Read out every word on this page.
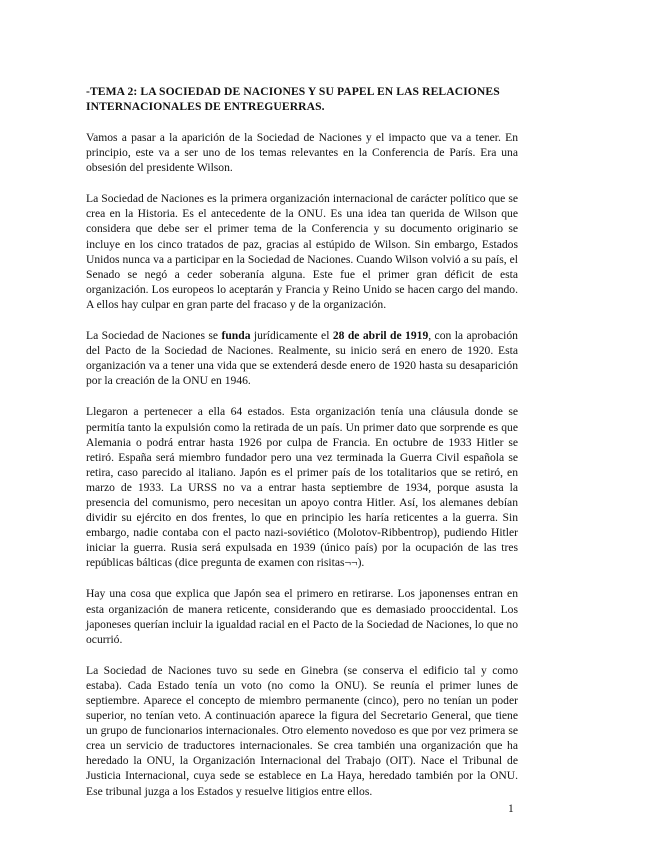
-TEMA 2: LA SOCIEDAD DE NACIONES Y SU PAPEL EN LAS RELACIONES INTERNACIONALES DE ENTREGUERRAS.

Vamos a pasar a la aparición de la Sociedad de Naciones y el impacto que va a tener. En principio, este va a ser uno de los temas relevantes en la Conferencia de París. Era una obsesión del presidente Wilson.

La Sociedad de Naciones es la primera organización internacional de carácter político que se crea en la Historia. Es el antecedente de la ONU. Es una idea tan querida de Wilson que considera que debe ser el primer tema de la Conferencia y su documento originario se incluye en los cinco tratados de paz, gracias al estúpido de Wilson. Sin embargo, Estados Unidos nunca va a participar en la Sociedad de Naciones. Cuando Wilson volvió a su país, el Senado se negó a ceder soberanía alguna. Este fue el primer gran déficit de esta organización. Los europeos lo aceptarán y Francia y Reino Unido se hacen cargo del mando. A ellos hay culpar en gran parte del fracaso y de la organización.

La Sociedad de Naciones se funda jurídicamente el 28 de abril de 1919, con la aprobación del Pacto de la Sociedad de Naciones. Realmente, su inicio será en enero de 1920. Esta organización va a tener una vida que se extenderá desde enero de 1920 hasta su desaparición por la creación de la ONU en 1946.

Llegaron a pertenecer a ella 64 estados. Esta organización tenía una cláusula donde se permitía tanto la expulsión como la retirada de un país. Un primer dato que sorprende es que Alemania o podrá entrar hasta 1926 por culpa de Francia. En octubre de 1933 Hitler se retiró. España será miembro fundador pero una vez terminada la Guerra Civil española se retira, caso parecido al italiano. Japón es el primer país de los totalitarios que se retiró, en marzo de 1933. La URSS no va a entrar hasta septiembre de 1934, porque asusta la presencia del comunismo, pero necesitan un apoyo contra Hitler. Así, los alemanes debían dividir su ejército en dos frentes, lo que en principio les haría reticentes a la guerra. Sin embargo, nadie contaba con el pacto nazi-soviético (Molotov-Ribbentrop), pudiendo Hitler iniciar la guerra. Rusia será expulsada en 1939 (único país) por la ocupación de las tres repúblicas bálticas (dice pregunta de examen con risitas¬¬).

Hay una cosa que explica que Japón sea el primero en retirarse. Los japonenses entran en esta organización de manera reticente, considerando que es demasiado prooccidental. Los japoneses querían incluir la igualdad racial en el Pacto de la Sociedad de Naciones, lo que no ocurrió.

La Sociedad de Naciones tuvo su sede en Ginebra (se conserva el edificio tal y como estaba). Cada Estado tenía un voto (no como la ONU). Se reunía el primer lunes de septiembre. Aparece el concepto de miembro permanente (cinco), pero no tenían un poder superior, no tenían veto. A continuación aparece la figura del Secretario General, que tiene un grupo de funcionarios internacionales. Otro elemento novedoso es que por vez primera se crea un servicio de traductores internacionales. Se crea también una organización que ha heredado la ONU, la Organización Internacional del Trabajo (OIT). Nace el Tribunal de Justicia Internacional, cuya sede se establece en La Haya, heredado también por la ONU. Ese tribunal juzga a los Estados y resuelve litigios entre ellos.

1
